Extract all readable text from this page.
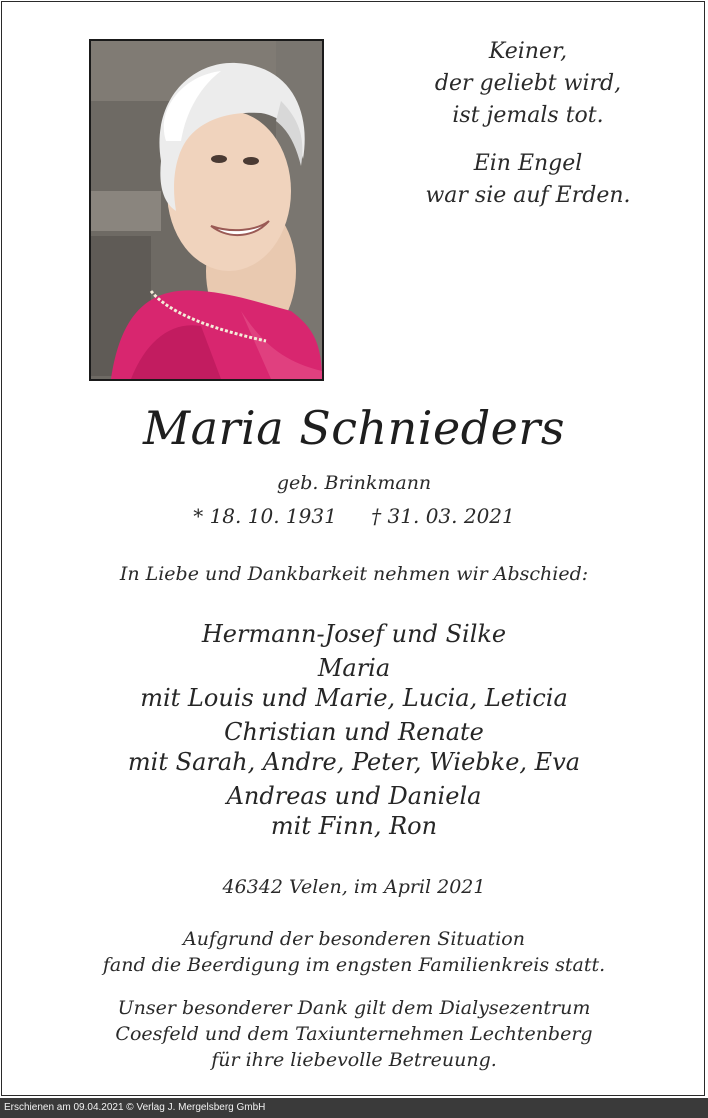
Keiner,
der geliebt wird,
ist jemals tot.
Ein Engel
war sie auf Erden.
Maria Schnieders
geb. Brinkmann
* 18. 10. 1931 † 31. 03. 2021
In Liebe und Dankbarkeit nehmen wir Abschied:
Hermann-Josef und Silke
Maria
mit Louis und Marie, Lucia, Leticia
Christian und Renate
mit Sarah, Andre, Peter, Wiebke, Eva
Andreas und Daniela
mit Finn, Ron
46342 Velen, im April 2021
Aufgrund der besonderen Situation
fand die Beerdigung im engsten Familienkreis statt.
Unser besonderer Dank gilt dem Dialysezentrum
Coesfeld und dem Taxiunternehmen Lechtenberg
für ihre liebevolle Betreuung.
Erschienen am 09.04.2021 © Verlag J. Mergelsberg GmbH
